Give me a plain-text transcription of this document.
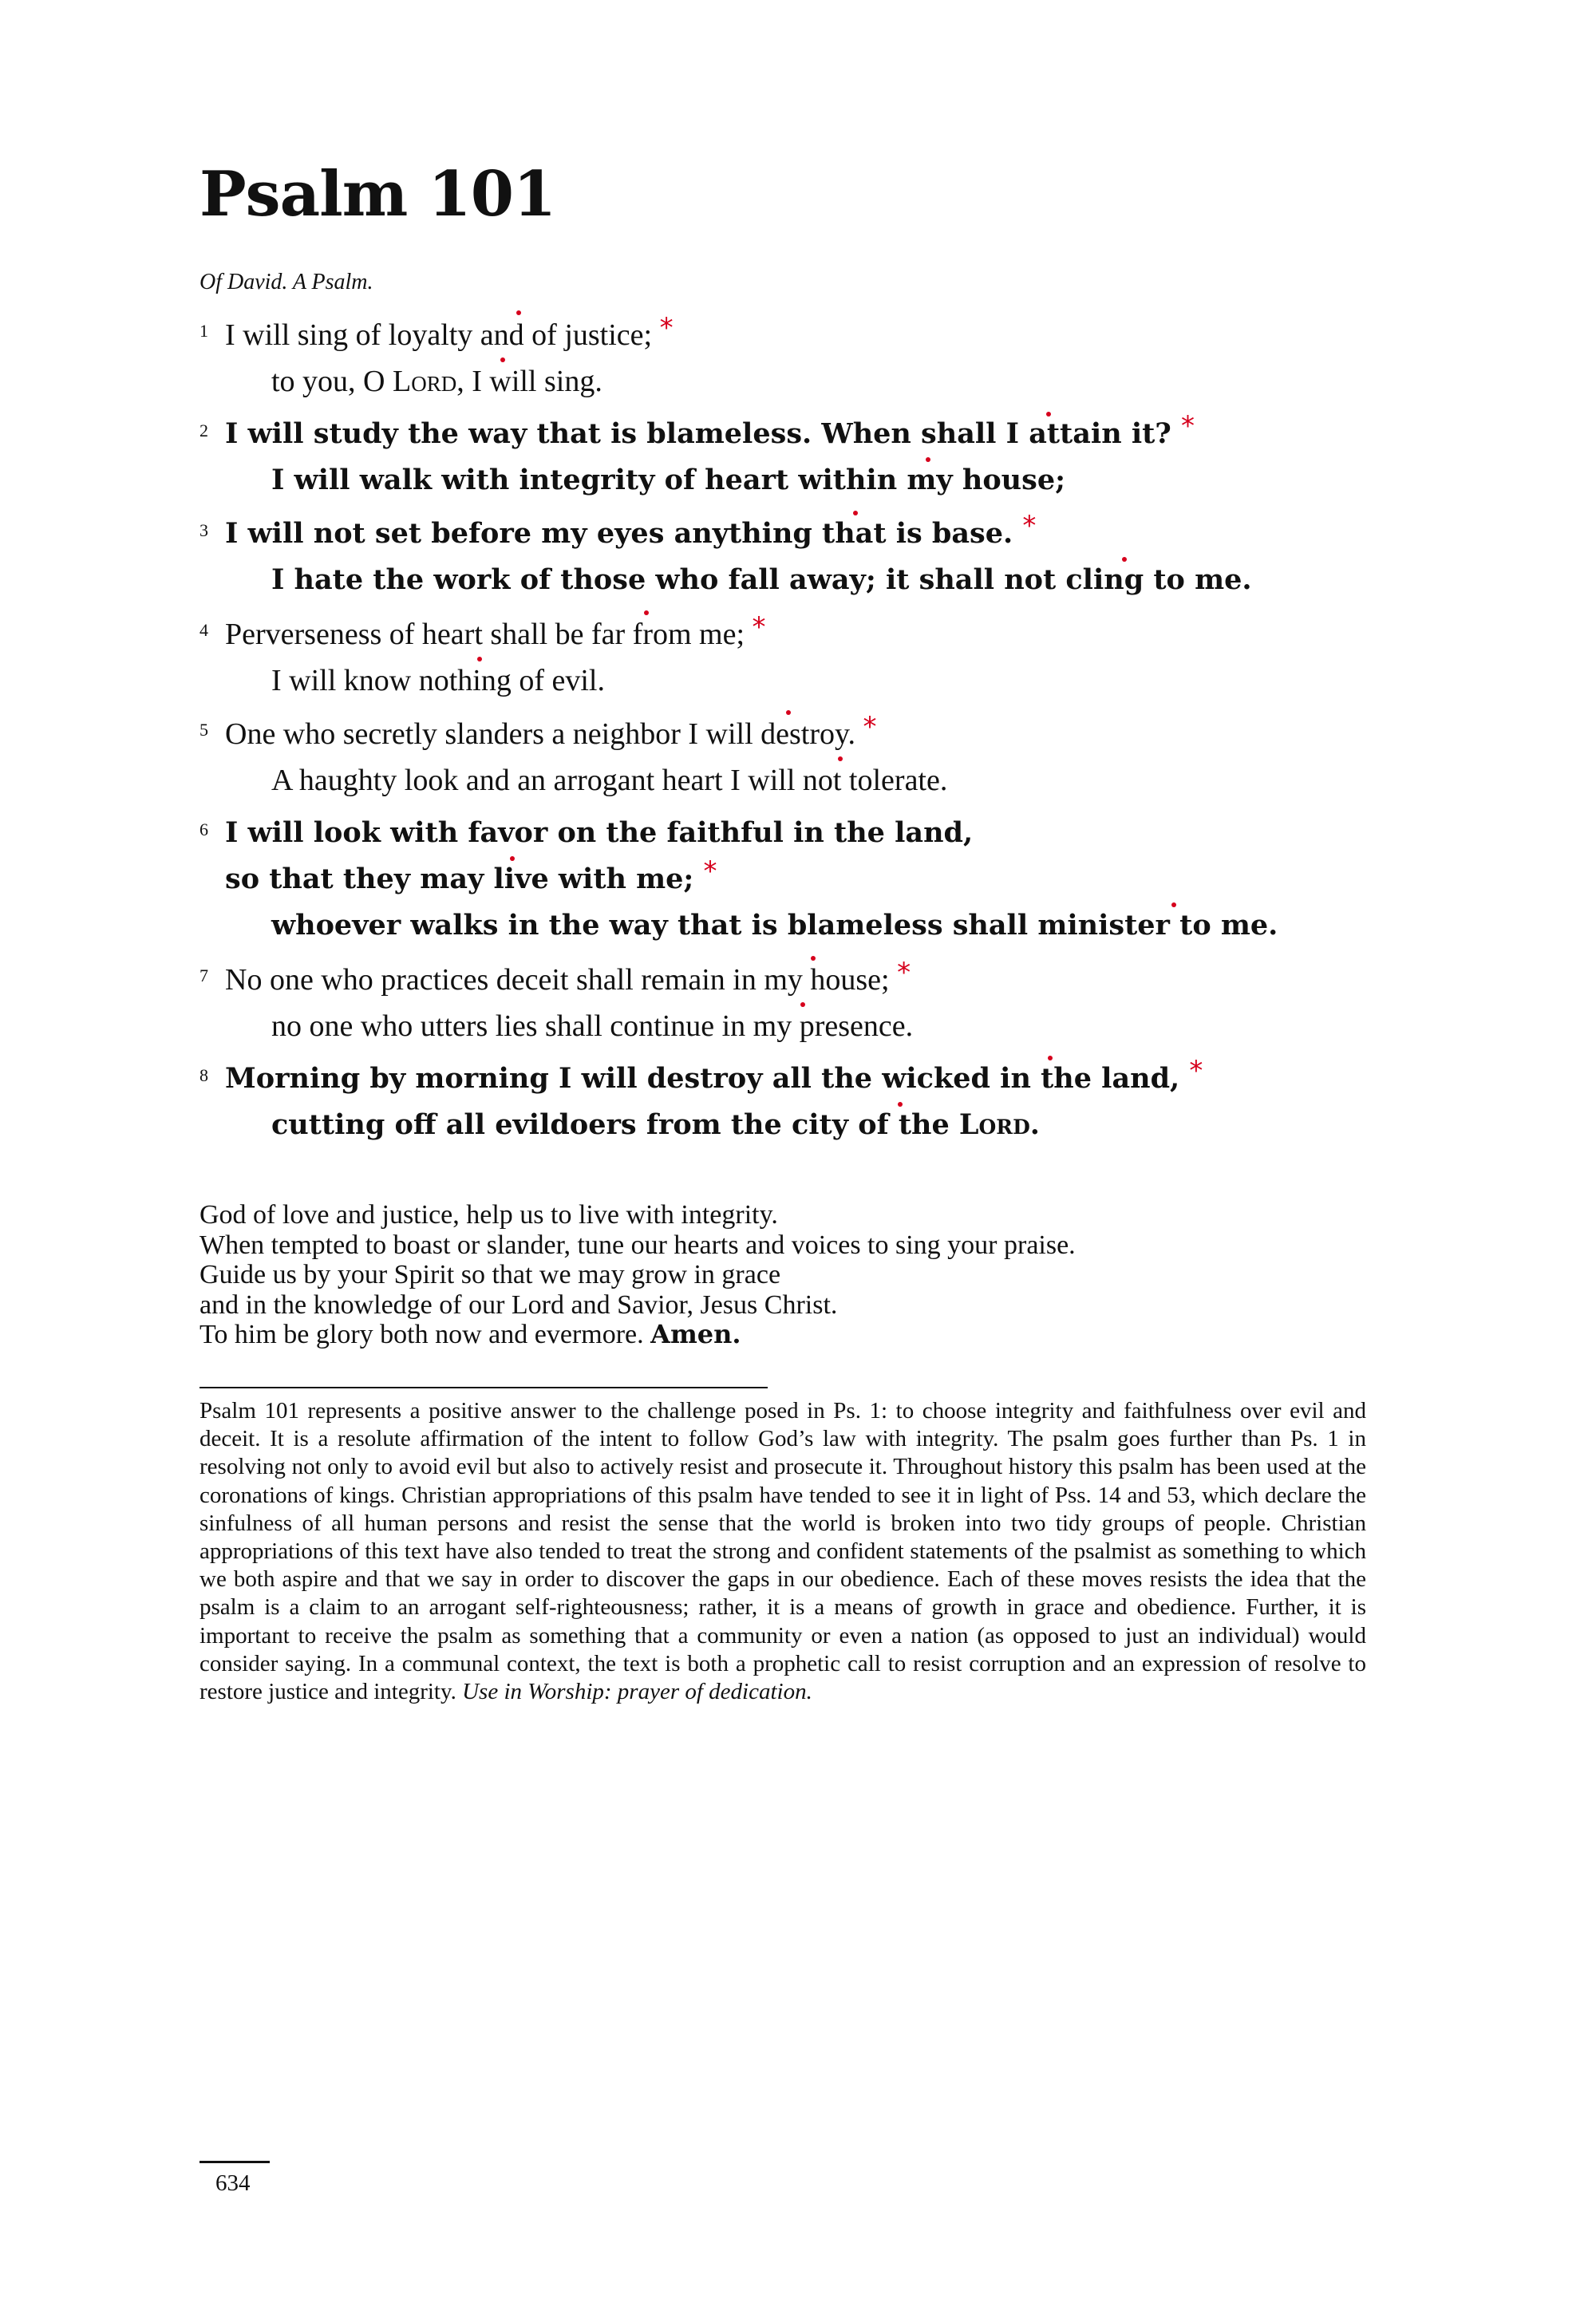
Psalm 101
Of David. A Psalm.
1 I will sing of loyalty and of justice; *
to you, O Lord, I will sing.
2 I will study the way that is blameless. When shall I attain it? *
I will walk with integrity of heart within my house;
3 I will not set before my eyes anything that is base. *
I hate the work of those who fall away; it shall not cling to me.
4 Perverseness of heart shall be far from me; *
I will know nothing of evil.
5 One who secretly slanders a neighbor I will destroy. *
A haughty look and an arrogant heart I will not tolerate.
6 I will look with favor on the faithful in the land,
so that they may live with me; *
whoever walks in the way that is blameless shall minister to me.
7 No one who practices deceit shall remain in my house; *
no one who utters lies shall continue in my presence.
8 Morning by morning I will destroy all the wicked in the land, *
cutting off all evildoers from the city of the Lord.
God of love and justice, help us to live with integrity.
When tempted to boast or slander, tune our hearts and voices to sing your praise.
Guide us by your Spirit so that we may grow in grace
and in the knowledge of our Lord and Savior, Jesus Christ.
To him be glory both now and evermore. Amen.
Psalm 101 represents a positive answer to the challenge posed in Ps. 1: to choose integrity and faithfulness over evil and deceit. It is a resolute affirmation of the intent to follow God’s law with integrity. The psalm goes further than Ps. 1 in resolving not only to avoid evil but also to actively resist and prosecute it. Throughout history this psalm has been used at the coronations of kings. Christian appropriations of this psalm have tended to see it in light of Pss. 14 and 53, which declare the sinfulness of all human persons and resist the sense that the world is broken into two tidy groups of people. Christian appropriations of this text have also tended to treat the strong and confident statements of the psalmist as something to which we both aspire and that we say in order to discover the gaps in our obedience. Each of these moves resists the idea that the psalm is a claim to an arrogant self-righteousness; rather, it is a means of growth in grace and obedience. Further, it is important to receive the psalm as something that a community or even a nation (as opposed to just an individual) would consider saying. In a communal context, the text is both a prophetic call to resist corruption and an expression of resolve to restore justice and integrity. Use in Worship: prayer of dedication.
634
